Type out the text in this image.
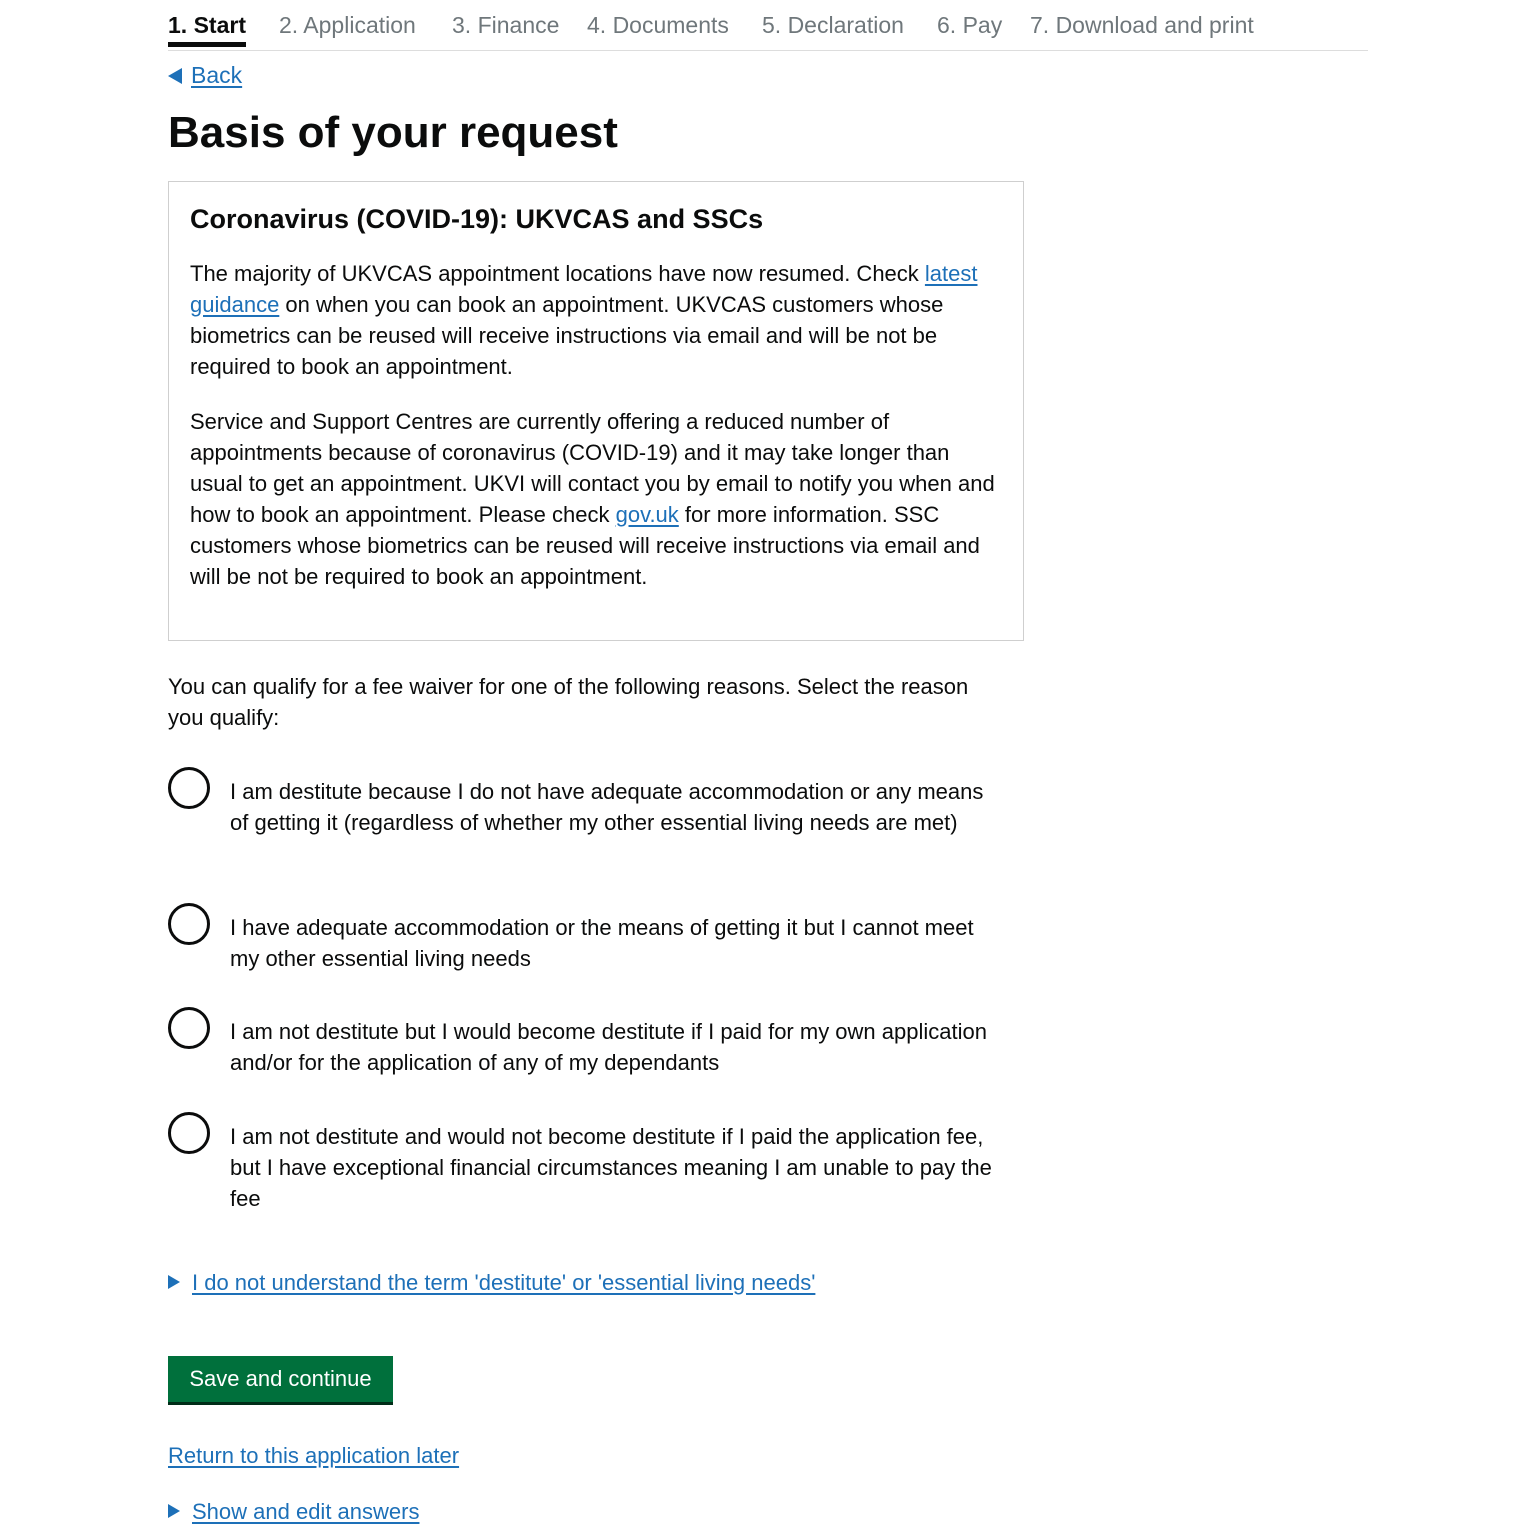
1. Start 2. Application 3. Finance 4. Documents 5. Declaration 6. Pay 7. Download and print
Back
Basis of your request
Coronavirus (COVID-19): UKVCAS and SSCs

The majority of UKVCAS appointment locations have now resumed. Check latest guidance on when you can book an appointment. UKVCAS customers whose biometrics can be reused will receive instructions via email and will be not be required to book an appointment.

Service and Support Centres are currently offering a reduced number of appointments because of coronavirus (COVID-19) and it may take longer than usual to get an appointment. UKVI will contact you by email to notify you when and how to book an appointment. Please check gov.uk for more information. SSC customers whose biometrics can be reused will receive instructions via email and will be not be required to book an appointment.

You can qualify for a fee waiver for one of the following reasons. Select the reason you qualify:

I am destitute because I do not have adequate accommodation or any means of getting it (regardless of whether my other essential living needs are met)
I have adequate accommodation or the means of getting it but I cannot meet my other essential living needs
I am not destitute but I would become destitute if I paid for my own application and/or for the application of any of my dependants
I am not destitute and would not become destitute if I paid the application fee, but I have exceptional financial circumstances meaning I am unable to pay the fee
I do not understand the term 'destitute' or 'essential living needs'
Save and continue
Return to this application later
Show and edit answers
